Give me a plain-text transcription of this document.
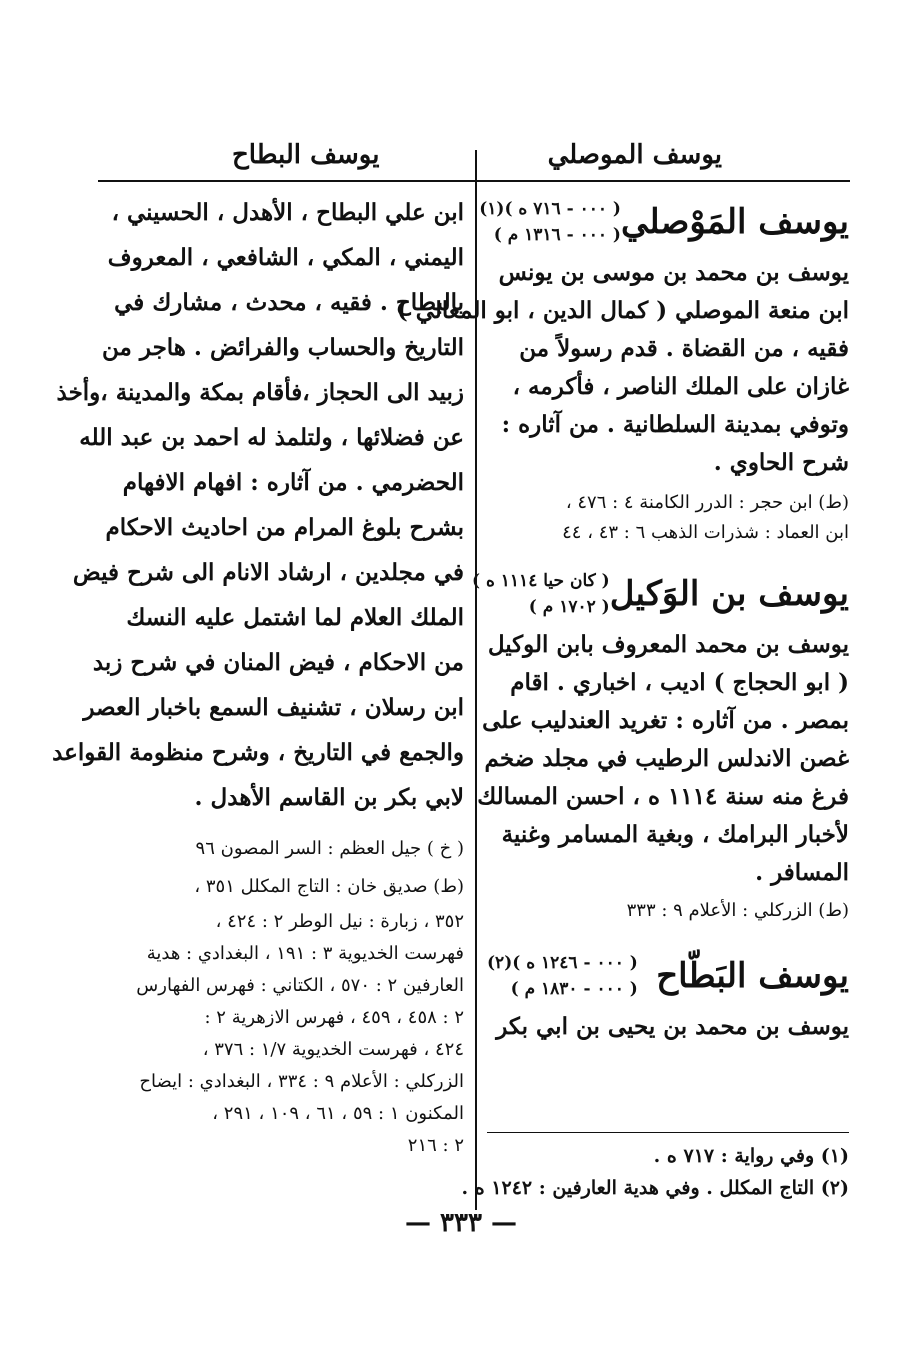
يوسف الموصلي
يوسف البطاح
يوسف المَوْصلي
( ٠٠٠ - ٧١٦ ه )(١)
( ٠٠٠ - ١٣١٦ م )
يوسف بن محمد بن موسى بن يونس
ابن منعة الموصلي ( كمال الدين ، ابو المعالي )
فقيه ، من القضاة . قدم رسولاً من
غازان على الملك الناصر ، فأكرمه ،
وتوفي بمدينة السلطانية . من آثاره :
شرح الحاوي .
(ط) ابن حجر : الدرر الكامنة ٤ : ٤٧٦ ،
ابن العماد : شذرات الذهب ٦ : ٤٣ ، ٤٤
يوسف بن الوَكيل
( كان حيا ١١١٤ ه )
( ١٧٠٢ م )
يوسف بن محمد المعروف بابن الوكيل
( ابو الحجاج ) اديب ، اخباري . اقام
بمصر . من آثاره : تغريد العندليب على
غصن الاندلس الرطيب في مجلد ضخم
فرغ منه سنة ١١١٤ ه ، احسن المسالك
لأخبار البرامك ، وبغية المسامر وغنية
المسافر .
(ط) الزركلي : الأعلام ٩ : ٣٣٣
يوسف البَطّاح
( ٠٠٠ - ١٢٤٦ ه )(٢)
( ٠٠٠ - ١٨٣٠ م )
يوسف بن محمد بن يحيى بن ابي بكر
(١) وفي رواية : ٧١٧ ه .
(٢) التاج المكلل . وفي هدية العارفين : ١٢٤٢ ه .
ابن علي البطاح ، الأهدل ، الحسيني ،
اليمني ، المكي ، الشافعي ، المعروف
بالبطاح . فقيه ، محدث ، مشارك في
التاريخ والحساب والفرائض . هاجر من
زبيد الى الحجاز ،فأقام بمكة والمدينة ،وأخذ
عن فضلائها ، ولتلمذ له احمد بن عبد الله
الحضرمي . من آثاره : افهام الافهام
بشرح بلوغ المرام من احاديث الاحكام
في مجلدين ، ارشاد الانام الى شرح فيض
الملك العلام لما اشتمل عليه النسك
من الاحكام ، فيض المنان في شرح زبد
ابن رسلان ، تشنيف السمع باخبار العصر
والجمع في التاريخ ، وشرح منظومة القواعد
لابي بكر بن القاسم الأهدل .
( خ ) جيل العظم : السر المصون ٩٦
(ط) صديق خان : التاج المكلل ٣٥١ ،
٣٥٢ ، زبارة : نيل الوطر ٢ : ٤٢٤ ،
فهرست الخديوية ٣ : ١٩١ ، البغدادي : هدية
العارفين ٢ : ٥٧٠ ، الكتاني : فهرس الفهارس
٢ : ٤٥٨ ، ٤٥٩ ، فهرس الازهرية ٢ :
٤٢٤ ، فهرست الخديوية ١/٧ : ٣٧٦ ،
الزركلي : الأعلام ٩ : ٣٣٤ ، البغدادي : ايضاح
المكنون ١ : ٥٩ ، ٦١ ، ١٠٩ ، ٢٩١ ،
٢ : ٢١٦
— ٣٣٣ —
